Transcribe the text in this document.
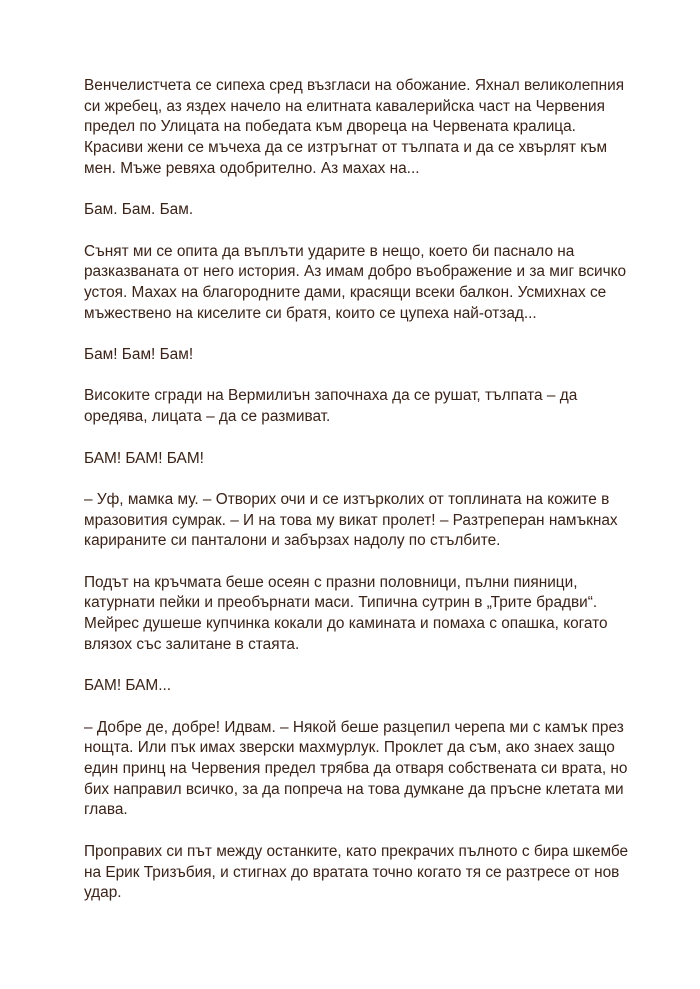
Венчелистчета се сипеха сред възгласи на обожание. Яхнал великолепния си жребец, аз яздех начело на елитната кавалерийска част на Червения предел по Улицата на победата към двореца на Червената кралица. Красиви жени се мъчеха да се изтръгнат от тълпата и да се хвърлят към мен. Мъже ревяха одобрително. Аз махах на...

Бам. Бам. Бам.

Сънят ми се опита да въплъти ударите в нещо, което би паснало на разказваната от него история. Аз имам добро въображение и за миг всичко устоя. Махах на благородните дами, красящи всеки балкон. Усмихнах се мъжествено на киселите си братя, които се цупеха най-отзад...

Бам! Бам! Бам!

Високите сгради на Вермилиън започнаха да се рушат, тълпата – да оредява, лицата – да се размиват.

БАМ! БАМ! БАМ!

– Уф, мамка му. – Отворих очи и се изтърколих от топлината на кожите в мразовития сумрак. – И на това му викат пролет! – Разтреперан намъкнах карираните си панталони и забързах надолу по стълбите.

Подът на кръчмата беше осеян с празни половници, пълни пияници, катурнати пейки и преобърнати маси. Типична сутрин в „Трите брадви“. Мейрес душеше купчинка кокали до камината и помаха с опашка, когато влязох със залитане в стаята.

БАМ! БАМ...

– Добре де, добре! Идвам. – Някой беше разцепил черепа ми с камък през нощта. Или пък имах зверски махмурлук. Проклет да съм, ако знаех защо един принц на Червения предел трябва да отваря собствената си врата, но бих направил всичко, за да попреча на това думкане да пръсне клетата ми глава.

Проправих си път между останките, като прекрачих пълното с бира шкембе на Ерик Тризъбия, и стигнах до вратата точно когато тя се разтресе от нов удар.
